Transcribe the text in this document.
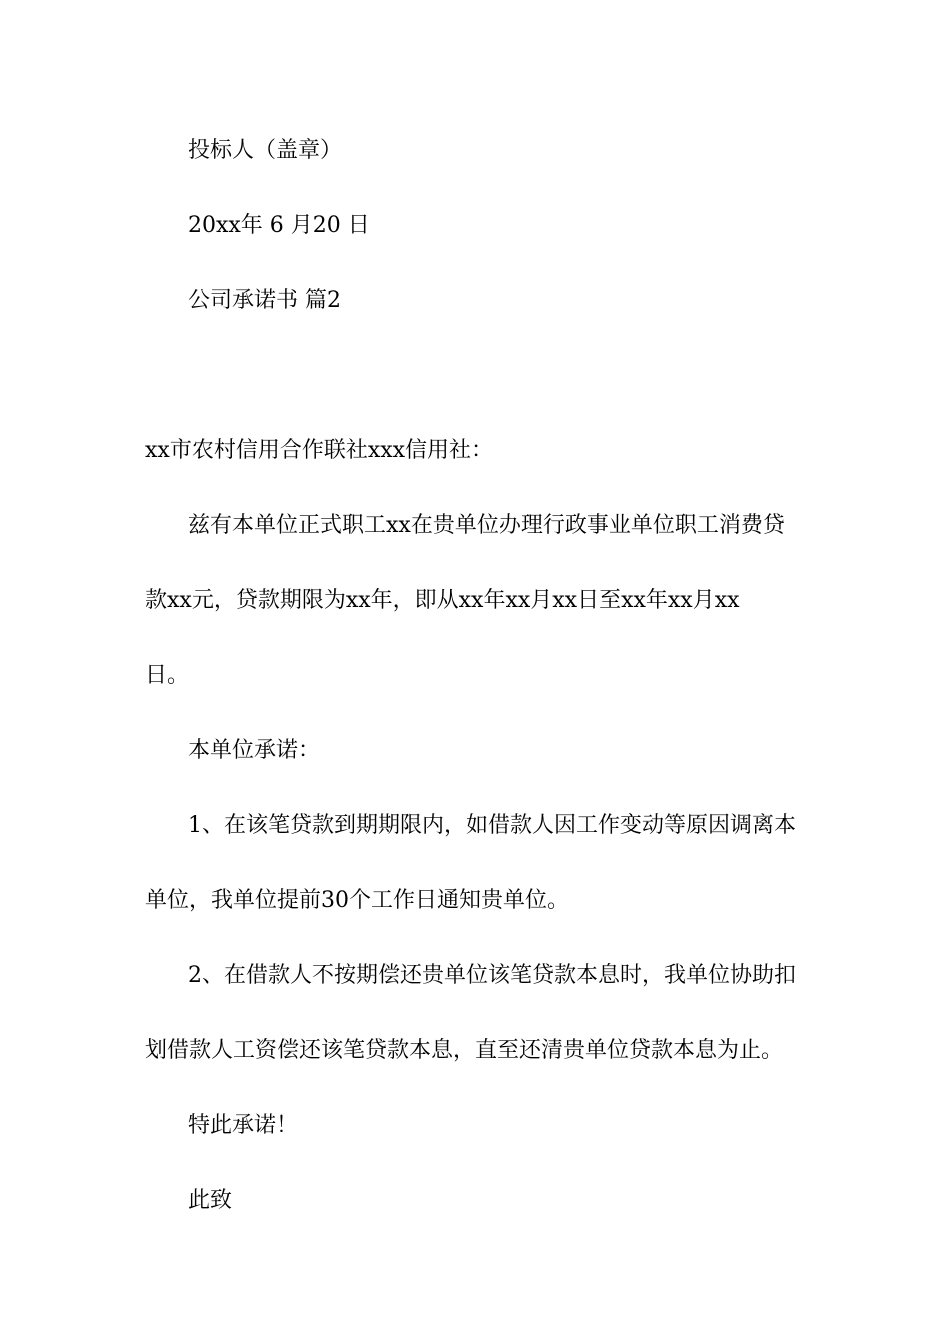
投标人（盖章）
20xx年 6 月20 日
公司承诺书 篇2
xx市农村信用合作联社xxx信用社：
兹有本单位正式职工xx在贵单位办理行政事业单位职工消费贷
款xx元，贷款期限为xx年，即从xx年xx月xx日至xx年xx月xx
日。
本单位承诺：
1、在该笔贷款到期期限内，如借款人因工作变动等原因调离本
单位，我单位提前30个工作日通知贵单位。
2、在借款人不按期偿还贵单位该笔贷款本息时，我单位协助扣
划借款人工资偿还该笔贷款本息，直至还清贵单位贷款本息为止。
特此承诺！
此致
